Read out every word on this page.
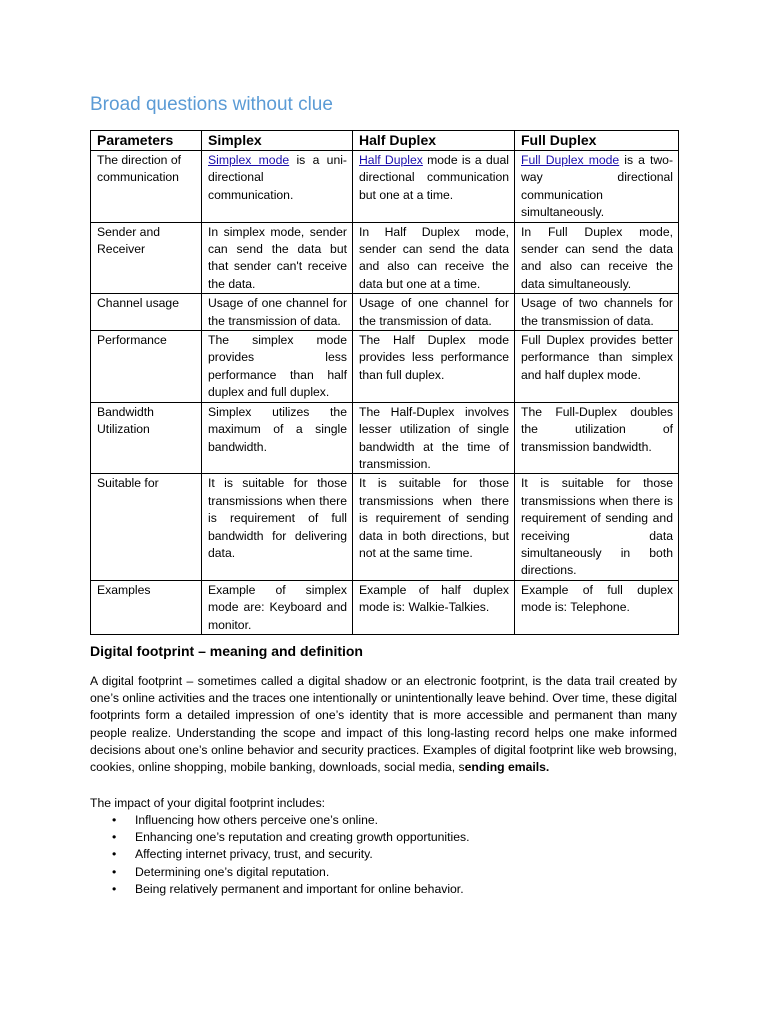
Broad questions without clue
Parameters	Simplex	Half Duplex	Full Duplex
The direction of communication	Simplex mode is a uni-directional communication.	Half Duplex mode is a dual directional communication but one at a time.	Full Duplex mode is a two-way directional communication simultaneously.
Sender and Receiver	In simplex mode, sender can send the data but that sender can't receive the data.	In Half Duplex mode, sender can send the data and also can receive the data but one at a time.	In Full Duplex mode, sender can send the data and also can receive the data simultaneously.
Channel usage	Usage of one channel for the transmission of data.	Usage of one channel for the transmission of data.	Usage of two channels for the transmission of data.
Performance	The simplex mode provides less performance than half duplex and full duplex.	The Half Duplex mode provides less performance than full duplex.	Full Duplex provides better performance than simplex and half duplex mode.
Bandwidth Utilization	Simplex utilizes the maximum of a single bandwidth.	The Half-Duplex involves lesser utilization of single bandwidth at the time of transmission.	The Full-Duplex doubles the utilization of transmission bandwidth.
Suitable for	It is suitable for those transmissions when there is requirement of full bandwidth for delivering data.	It is suitable for those transmissions when there is requirement of sending data in both directions, but not at the same time.	It is suitable for those transmissions when there is requirement of sending and receiving data simultaneously in both directions.
Examples	Example of simplex mode are: Keyboard and monitor.	Example of half duplex mode is: Walkie-Talkies.	Example of full duplex mode is: Telephone.
Digital footprint – meaning and definition

A digital footprint – sometimes called a digital shadow or an electronic footprint, is the data trail created by one’s online activities and the traces one intentionally or unintentionally leave behind. Over time, these digital footprints form a detailed impression of one’s identity that is more accessible and permanent than many people realize. Understanding the scope and impact of this long-lasting record helps one make informed decisions about one’s online behavior and security practices. Examples of digital footprint like web browsing, cookies, online shopping, mobile banking, downloads, social media, sending emails.

The impact of your digital footprint includes:

• Influencing how others perceive one’s online.
• Enhancing one’s reputation and creating growth opportunities.
• Affecting internet privacy, trust, and security.
• Determining one’s digital reputation.
• Being relatively permanent and important for online behavior.
